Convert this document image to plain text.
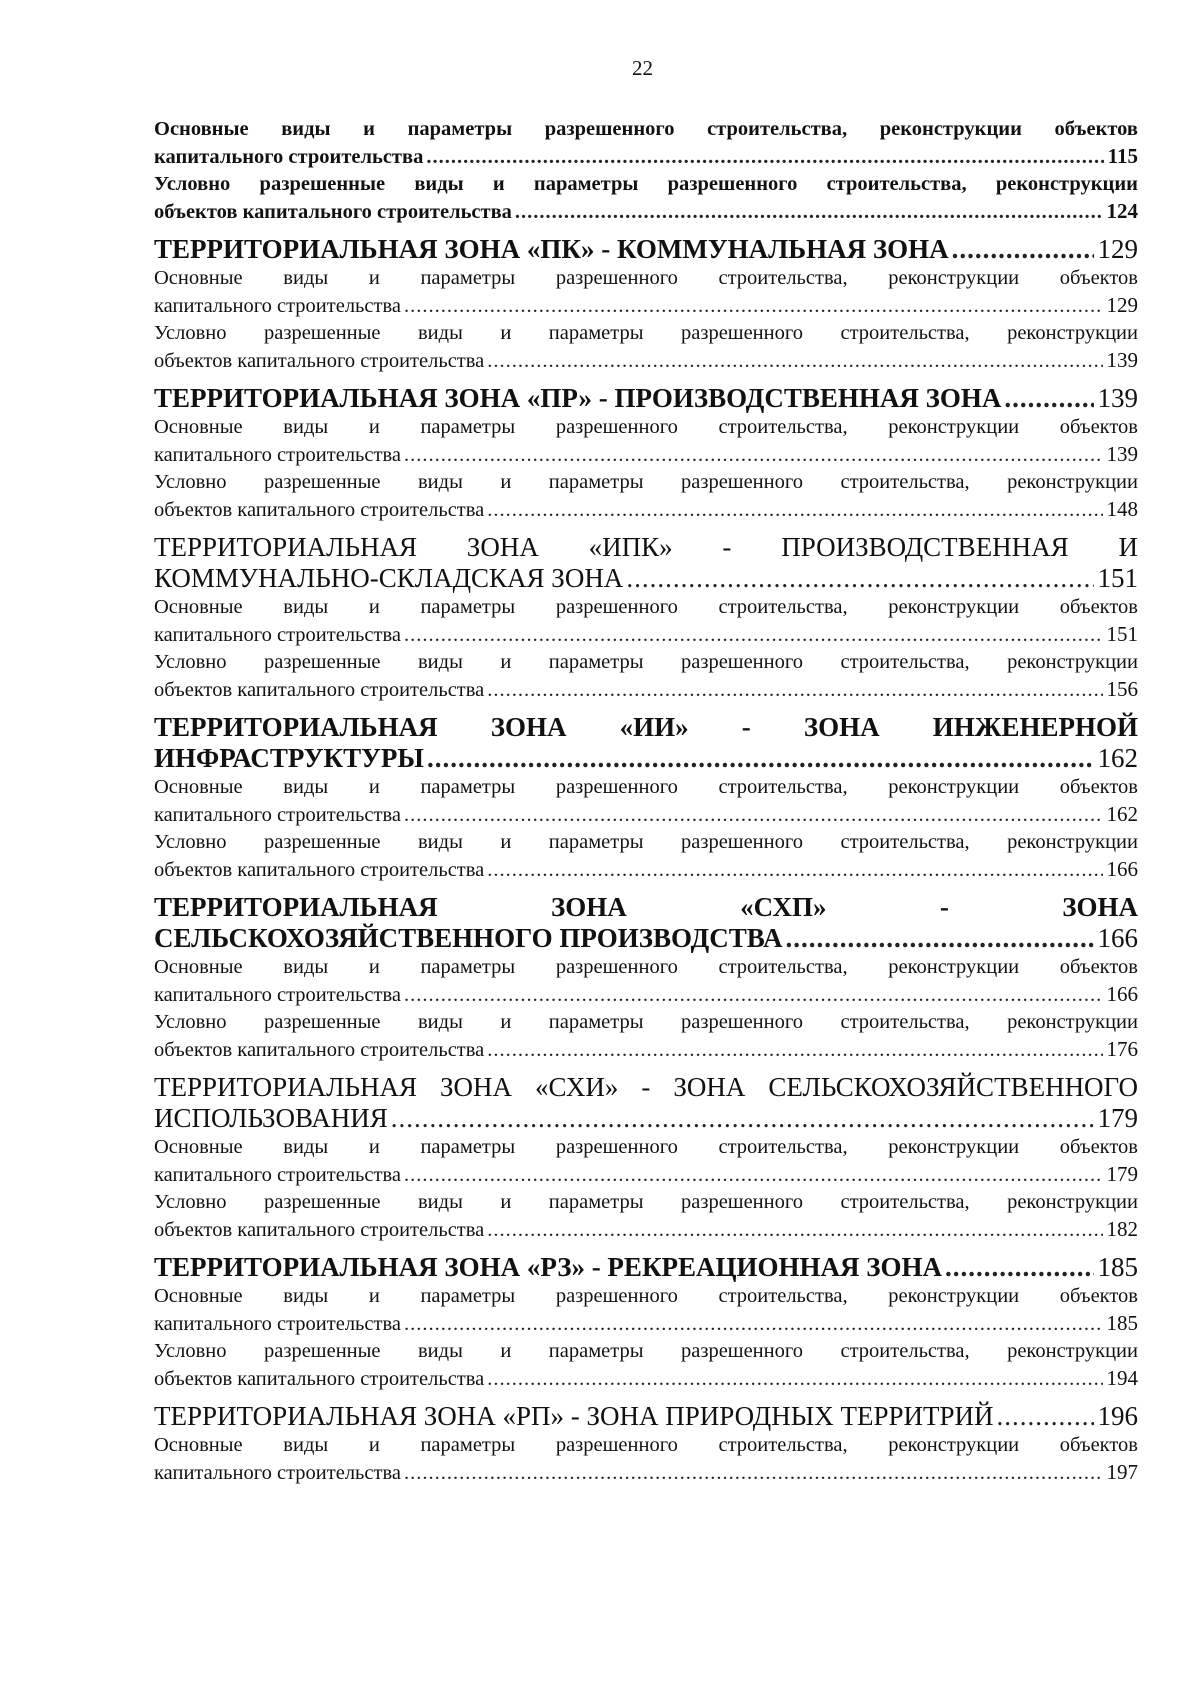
22
Основные виды и параметры разрешенного строительства, реконструкции объектов
капитального строительства .....	115
Условно разрешенные виды и параметры разрешенного строительства, реконструкции
объектов капитального строительства .....	124
ТЕРРИТОРИАЛЬНАЯ ЗОНА «ПК» - КОММУНАЛЬНАЯ ЗОНА .....	129
Основные виды и параметры разрешенного строительства, реконструкции объектов
капитального строительства .....	129
Условно разрешенные виды и параметры разрешенного строительства, реконструкции
объектов капитального строительства .....	139
ТЕРРИТОРИАЛЬНАЯ ЗОНА «ПР» - ПРОИЗВОДСТВЕННАЯ ЗОНА .....	139
Основные виды и параметры разрешенного строительства, реконструкции объектов
капитального строительства .....	139
Условно разрешенные виды и параметры разрешенного строительства, реконструкции
объектов капитального строительства .....	148
ТЕРРИТОРИАЛЬНАЯ ЗОНА «ИПК» - ПРОИЗВОДСТВЕННАЯ И
КОММУНАЛЬНО-СКЛАДСКАЯ ЗОНА .....	151
Основные виды и параметры разрешенного строительства, реконструкции объектов
капитального строительства .....	151
Условно разрешенные виды и параметры разрешенного строительства, реконструкции
объектов капитального строительства .....	156
ТЕРРИТОРИАЛЬНАЯ ЗОНА «ИИ» - ЗОНА ИНЖЕНЕРНОЙ
ИНФРАСТРУКТУРЫ .....	162
Основные виды и параметры разрешенного строительства, реконструкции объектов
капитального строительства .....	162
Условно разрешенные виды и параметры разрешенного строительства, реконструкции
объектов капитального строительства .....	166
ТЕРРИТОРИАЛЬНАЯ ЗОНА «СХП» - ЗОНА
СЕЛЬСКОХОЗЯЙСТВЕННОГО ПРОИЗВОДСТВА .....	166
Основные виды и параметры разрешенного строительства, реконструкции объектов
капитального строительства .....	166
Условно разрешенные виды и параметры разрешенного строительства, реконструкции
объектов капитального строительства .....	176
ТЕРРИТОРИАЛЬНАЯ ЗОНА «СХИ» - ЗОНА СЕЛЬСКОХОЗЯЙСТВЕННОГО
ИСПОЛЬЗОВАНИЯ .....	179
Основные виды и параметры разрешенного строительства, реконструкции объектов
капитального строительства .....	179
Условно разрешенные виды и параметры разрешенного строительства, реконструкции
объектов капитального строительства .....	182
ТЕРРИТОРИАЛЬНАЯ ЗОНА «РЗ» - РЕКРЕАЦИОННАЯ ЗОНА .....	185
Основные виды и параметры разрешенного строительства, реконструкции объектов
капитального строительства .....	185
Условно разрешенные виды и параметры разрешенного строительства, реконструкции
объектов капитального строительства .....	194
ТЕРРИТОРИАЛЬНАЯ ЗОНА «РП» - ЗОНА ПРИРОДНЫХ ТЕРРИТРИЙ .....	196
Основные виды и параметры разрешенного строительства, реконструкции объектов
капитального строительства .....	197
